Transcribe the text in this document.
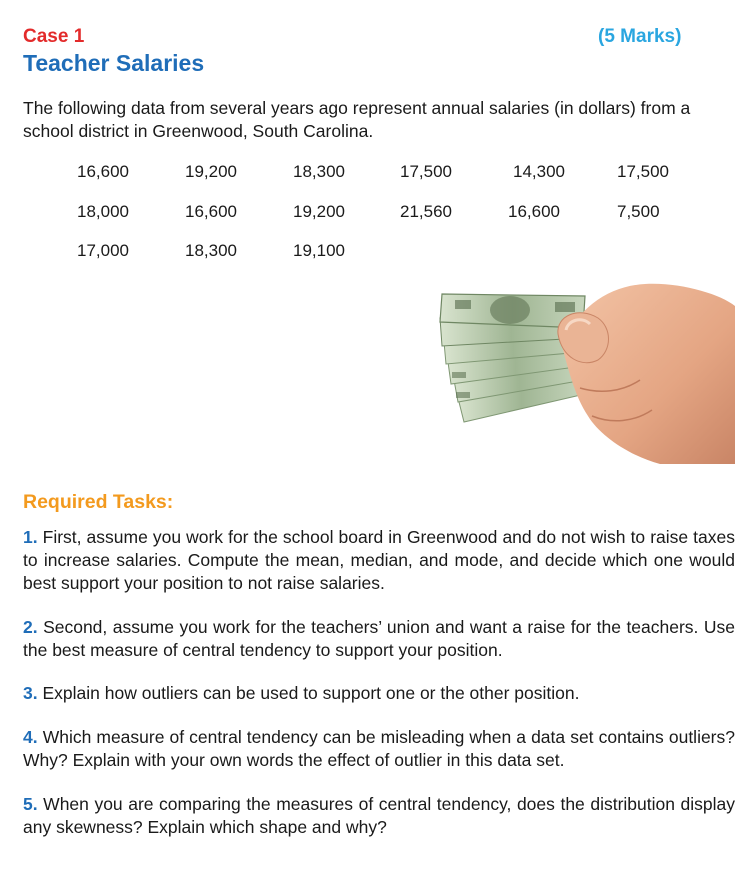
Case 1	(5 Marks)
Teacher Salaries
The following data from several years ago represent annual salaries (in dollars) from a school district in Greenwood, South Carolina.
16,600	19,200	18,300	17,500	14,300	17,500
18,000	16,600	19,200	21,560	16,600	7,500
17,000	18,300	19,100
Required Tasks:
1. First, assume you work for the school board in Greenwood and do not wish to raise taxes to increase salaries. Compute the mean, median, and mode, and decide which one would best support your position to not raise salaries.
2. Second, assume you work for the teachers’ union and want a raise for the teachers. Use the best measure of central tendency to support your position.
3. Explain how outliers can be used to support one or the other position.
4. Which measure of central tendency can be misleading when a data set contains outliers? Why? Explain with your own words the effect of outlier in this data set.
5. When you are comparing the measures of central tendency, does the distribution display any skewness? Explain which shape and why?
